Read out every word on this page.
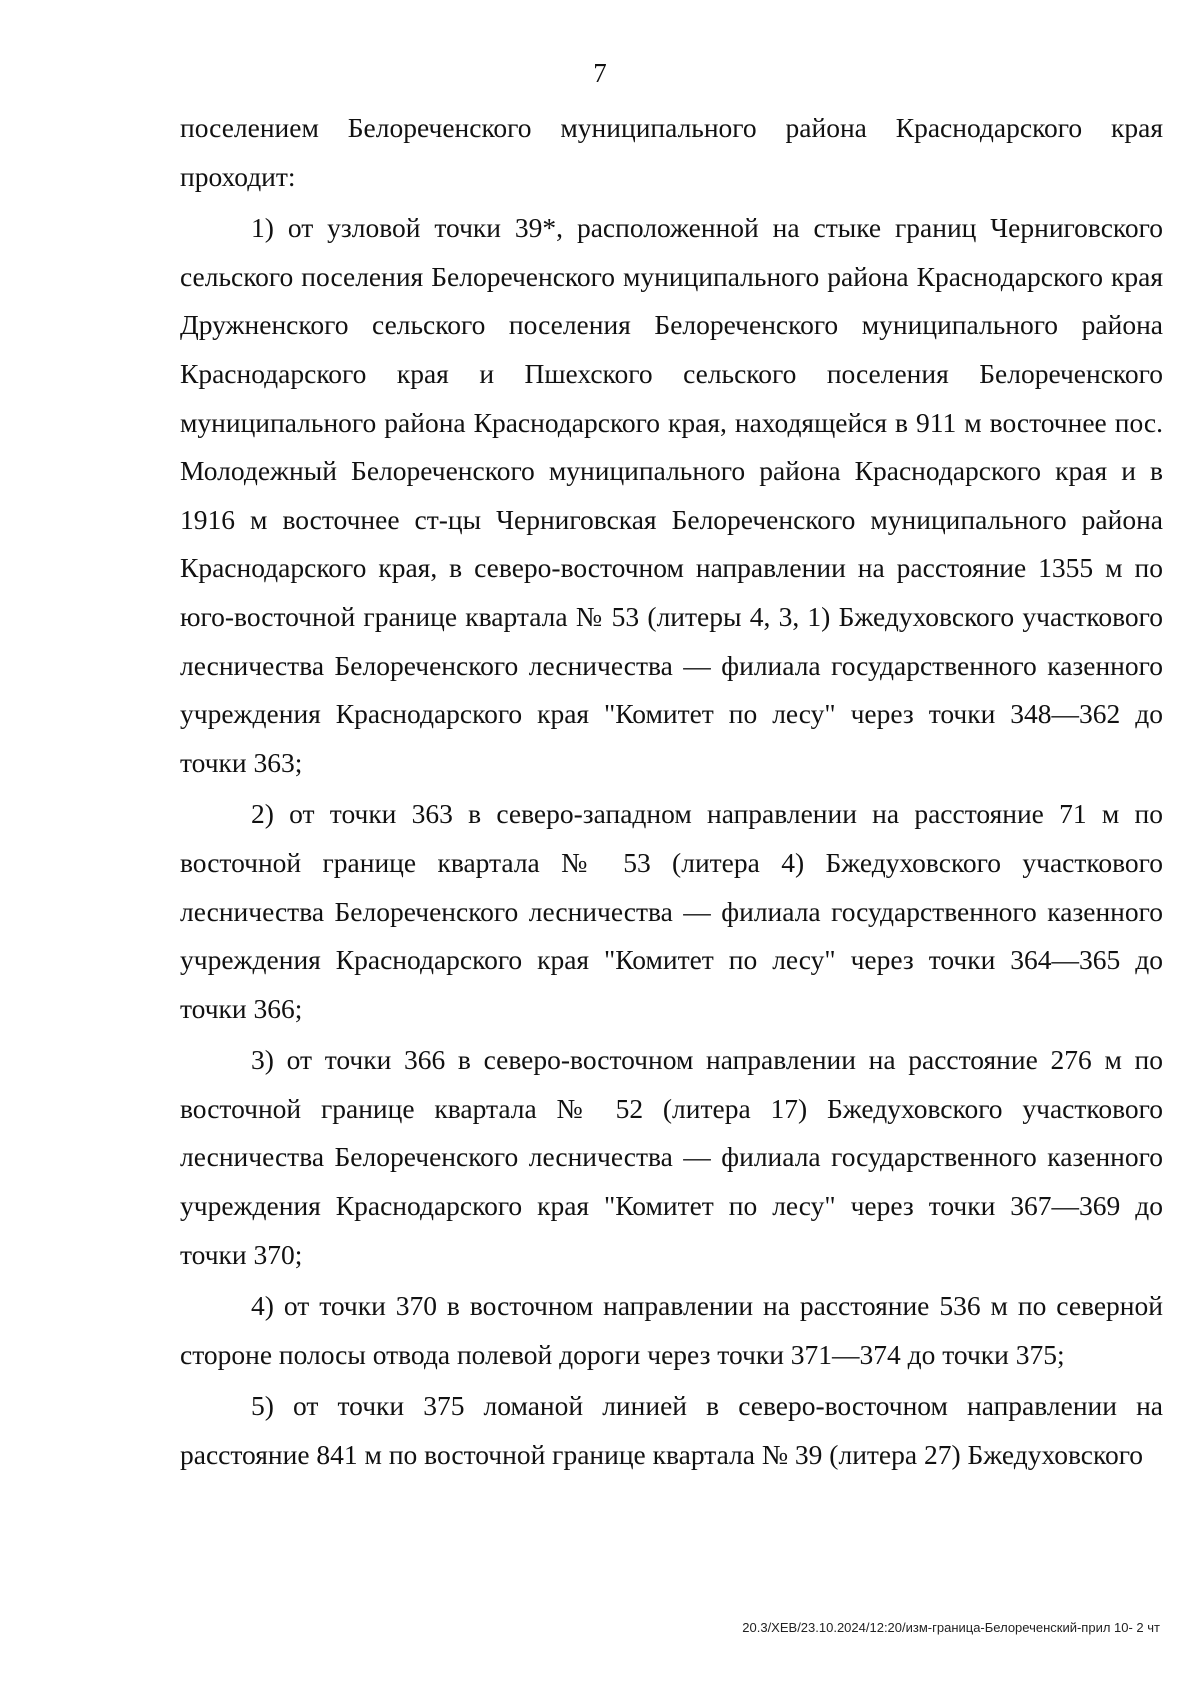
7

поселением Белореченского муниципального района Краснодарского края проходит:

1) от узловой точки 39*, расположенной на стыке границ Черниговского сельского поселения Белореченского муниципального района Краснодарского края Дружненского сельского поселения Белореченского муниципального района Краснодарского края и Пшехского сельского поселения Белореченского муниципального района Краснодарского края, находящейся в 911 м восточнее пос. Молодежный Белореченского муниципального района Краснодарского края и в 1916 м восточнее ст-цы Черниговская Белореченского муниципального района Краснодарского края, в северо-восточном направлении на расстояние 1355 м по юго-восточной границе квартала № 53 (литеры 4, 3, 1) Бжедуховского участкового лесничества Белореченского лесничества — филиала государственного казенного учреждения Краснодарского края "Комитет по лесу" через точки 348—362 до точки 363;

2) от точки 363 в северо-западном направлении на расстояние 71 м по восточной границе квартала № 53 (литера 4) Бжедуховского участкового лесничества Белореченского лесничества — филиала государственного казенного учреждения Краснодарского края "Комитет по лесу" через точки 364—365 до точки 366;

3) от точки 366 в северо-восточном направлении на расстояние 276 м по восточной границе квартала № 52 (литера 17) Бжедуховского участкового лесничества Белореченского лесничества — филиала государственного казенного учреждения Краснодарского края "Комитет по лесу" через точки 367—369 до точки 370;

4) от точки 370 в восточном направлении на расстояние 536 м по северной стороне полосы отвода полевой дороги через точки 371—374 до точки 375;

5) от точки 375 ломаной линией в северо-восточном направлении на расстояние 841 м по восточной границе квартала № 39 (литера 27) Бжедуховского

20.3/ХЕВ/23.10.2024/12:20/изм-граница-Белореченский-прил 10- 2 чт
